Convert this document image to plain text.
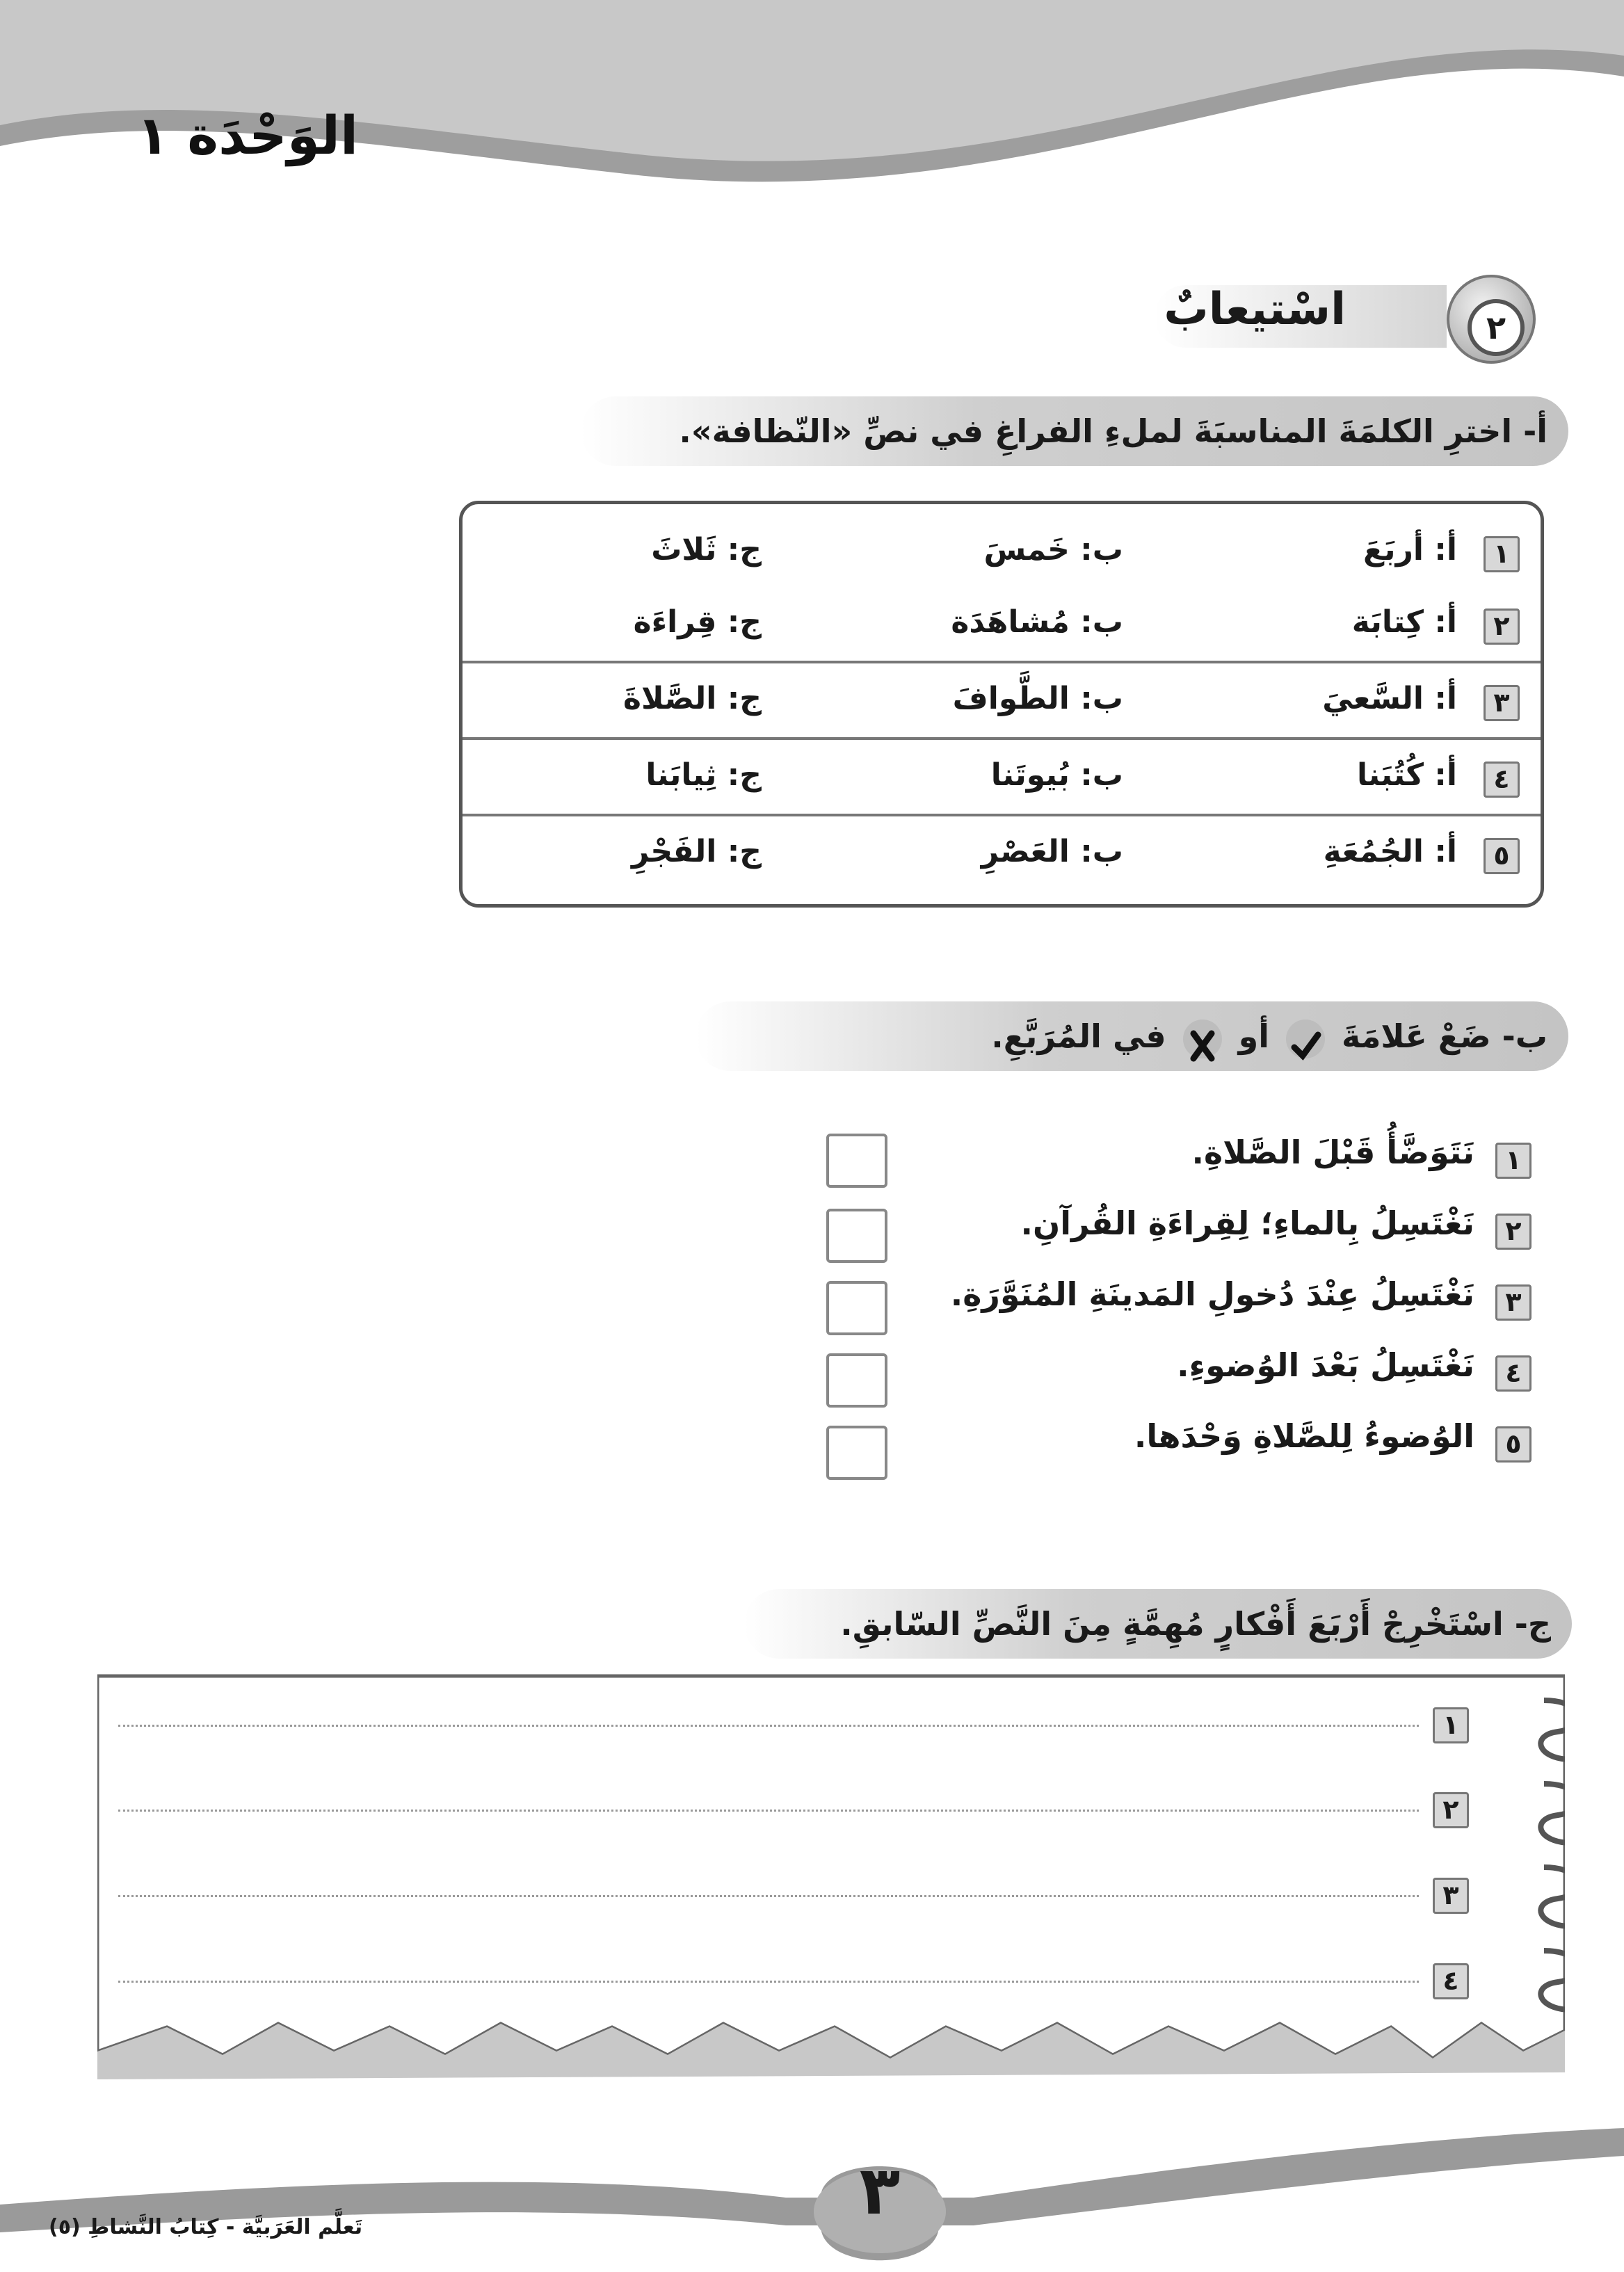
الوَحْدَة ١
٢
اسْتيعابٌ
أ- اخترِ الكلمَةَ المناسبَةَ لملءِ الفراغِ في نصِّ «النّظافة».
١
أ: أربَعَ
ب: خَمسَ
ج: ثَلاثَ
٢
أ: كِتابَة
ب: مُشاهَدَة
ج: قِراءَة
٣
أ: السَّعيَ
ب: الطَّوافَ
ج: الصَّلاةَ
٤
أ: كُتُبَنا
ب: بُيوتَنا
ج: ثِيابَنا
٥
أ: الجُمُعَةِ
ب: العَصْرِ
ج: الفَجْرِ
ب- ضَعْ عَلامَةَ  أو  في المُرَبَّعِ.
١
نَتَوَضَّأُ قَبْلَ الصَّلاةِ.
٢
نَغْتَسِلُ بِالماءِ؛ لِقِراءَةِ القُرآنِ.
٣
نَغْتَسِلُ عِنْدَ دُخولِ المَدينَةِ المُنَوَّرَةِ.
٤
نَغْتَسِلُ بَعْدَ الوُضوءِ.
٥
الوُضوءُ لِلصَّلاةِ وَحْدَها.
ج- اسْتَخْرِجْ أَرْبَعَ أَفْكارٍ مُهِمَّةٍ مِنَ النَّصِّ السّابقِ.
١
٢
٣
٤
٣
تَعلَّم العَرَبيَّة - كِتابُ النَّشاطِ (٥)
